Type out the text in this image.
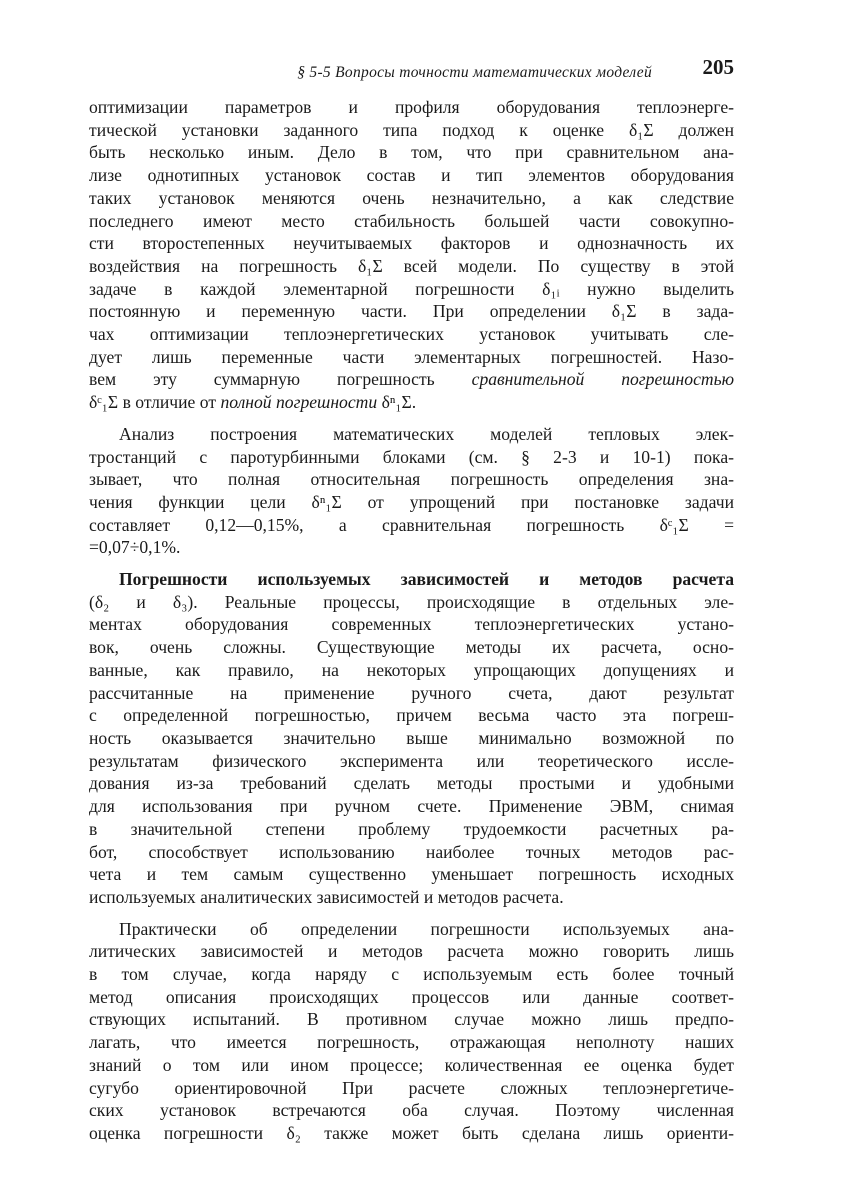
§ 5-5 Вопросы точности математических моделей 205

оптимизации параметров и профиля оборудования теплоэнерге-
тической установки заданного типа подход к оценке δ₁Σ должен
быть несколько иным. Дело в том, что при сравнительном ана-
лизе однотипных установок состав и тип элементов оборудования
таких установок меняются очень незначительно, а как следствие
последнего имеют место стабильность большей части совокупно-
сти второстепенных неучитываемых факторов и однозначность их
воздействия на погрешность δ₁Σ всей модели. По существу в этой
задаче в каждой элементарной погрешности δ₁ᵢ нужно выделить
постоянную и переменную части. При определении δ₁Σ в зада-
чах оптимизации теплоэнергетических установок учитывать сле-
дует лишь переменные части элементарных погрешностей. Назо-
вем эту суммарную погрешность сравнительной погрешностью
δᶜ₁Σ в отличие от полной погрешности δⁿ₁Σ.

Анализ построения математических моделей тепловых элек-
тростанций с паротурбинными блоками (см. § 2-3 и 10-1) пока-
зывает, что полная относительная погрешность определения зна-
чения функции цели δⁿ₁Σ от упрощений при постановке задачи
составляет 0,12—0,15%, а сравнительная погрешность δᶜ₁Σ =
=0,07÷0,1%.

Погрешности используемых зависимостей и методов расчета
(δ₂ и δ₃). Реальные процессы, происходящие в отдельных эле-
ментах оборудования современных теплоэнергетических устано-
вок, очень сложны. Существующие методы их расчета, осно-
ванные, как правило, на некоторых упрощающих допущениях и
рассчитанные на применение ручного счета, дают результат
с определенной погрешностью, причем весьма часто эта погреш-
ность оказывается значительно выше минимально возможной по
результатам физического эксперимента или теоретического иссле-
дования из-за требований сделать методы простыми и удобными
для использования при ручном счете. Применение ЭВМ, снимая
в значительной степени проблему трудоемкости расчетных ра-
бот, способствует использованию наиболее точных методов рас-
чета и тем самым существенно уменьшает погрешность исходных
используемых аналитических зависимостей и методов расчета.

Практически об определении погрешности используемых ана-
литических зависимостей и методов расчета можно говорить лишь
в том случае, когда наряду с используемым есть более точный
метод описания происходящих процессов или данные соответ-
ствующих испытаний. В противном случае можно лишь предпо-
лагать, что имеется погрешность, отражающая неполноту наших
знаний о том или ином процессе; количественная ее оценка будет
сугубо ориентировочной При расчете сложных теплоэнергетиче-
ских установок встречаются оба случая. Поэтому численная
оценка погрешности δ₂ также может быть сделана лишь ориенти-
